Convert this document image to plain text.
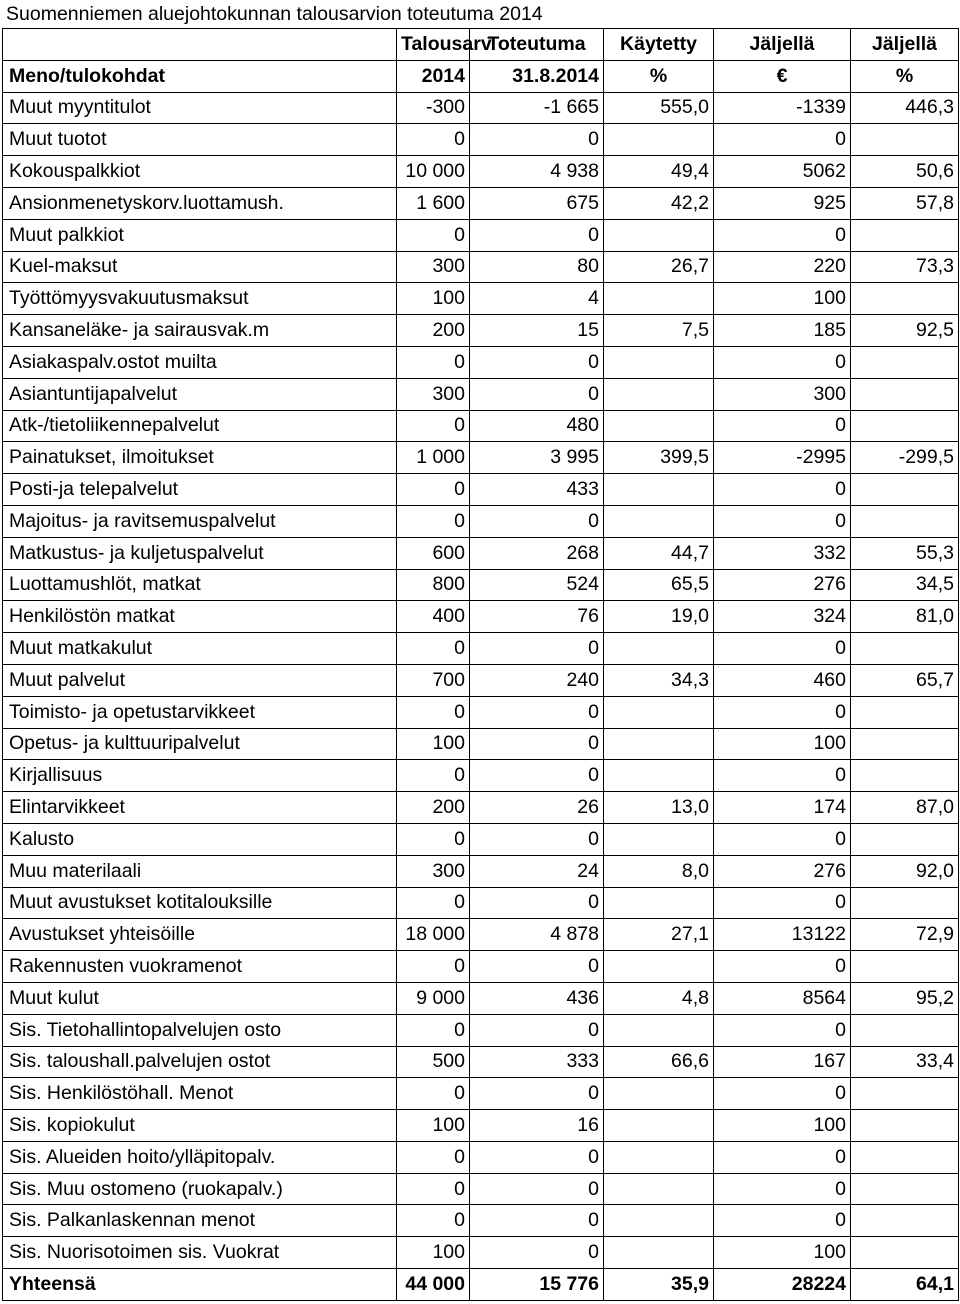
Suomenniemen aluejohtokunnan talousarvion toteutuma 2014
	Talousarv	Toteutuma	Käytetty	Jäljellä	Jäljellä
Meno/tulokohdat	2014	31.8.2014	%	€	%
Muut myyntitulot	-300	-1 665	555,0	-1339	446,3
Muut tuotot	0	0		0	
Kokouspalkkiot	10 000	4 938	49,4	5062	50,6
Ansionmenetyskorv.luottamush.	1 600	675	42,2	925	57,8
Muut palkkiot	0	0		0	
Kuel-maksut	300	80	26,7	220	73,3
Työttömyysvakuutusmaksut	100	4		100	
Kansaneläke- ja sairausvak.m	200	15	7,5	185	92,5
Asiakaspalv.ostot muilta	0	0		0	
Asiantuntijapalvelut	300	0		300	
Atk-/tietoliikennepalvelut	0	480		0	
Painatukset, ilmoitukset	1 000	3 995	399,5	-2995	-299,5
Posti-ja telepalvelut	0	433		0	
Majoitus- ja ravitsemuspalvelut	0	0		0	
Matkustus- ja kuljetuspalvelut	600	268	44,7	332	55,3
Luottamushlöt, matkat	800	524	65,5	276	34,5
Henkilöstön matkat	400	76	19,0	324	81,0
Muut matkakulut	0	0		0	
Muut palvelut	700	240	34,3	460	65,7
Toimisto- ja opetustarvikkeet	0	0		0	
Opetus- ja kulttuuripalvelut	100	0		100	
Kirjallisuus	0	0		0	
Elintarvikkeet	200	26	13,0	174	87,0
Kalusto	0	0		0	
Muu materilaali	300	24	8,0	276	92,0
Muut avustukset kotitalouksille	0	0		0	
Avustukset yhteisöille	18 000	4 878	27,1	13122	72,9
Rakennusten vuokramenot	0	0		0	
Muut kulut	9 000	436	4,8	8564	95,2
Sis. Tietohallintopalvelujen osto	0	0		0	
Sis. taloushall.palvelujen ostot	500	333	66,6	167	33,4
Sis. Henkilöstöhall. Menot	0	0		0	
Sis. kopiokulut	100	16		100	
Sis. Alueiden hoito/ylläpitopalv.	0	0		0	
Sis. Muu ostomeno (ruokapalv.)	0	0		0	
Sis. Palkanlaskennan menot	0	0		0	
Sis. Nuorisotoimen sis. Vuokrat	100	0		100	
Yhteensä	44 000	15 776	35,9	28224	64,1
